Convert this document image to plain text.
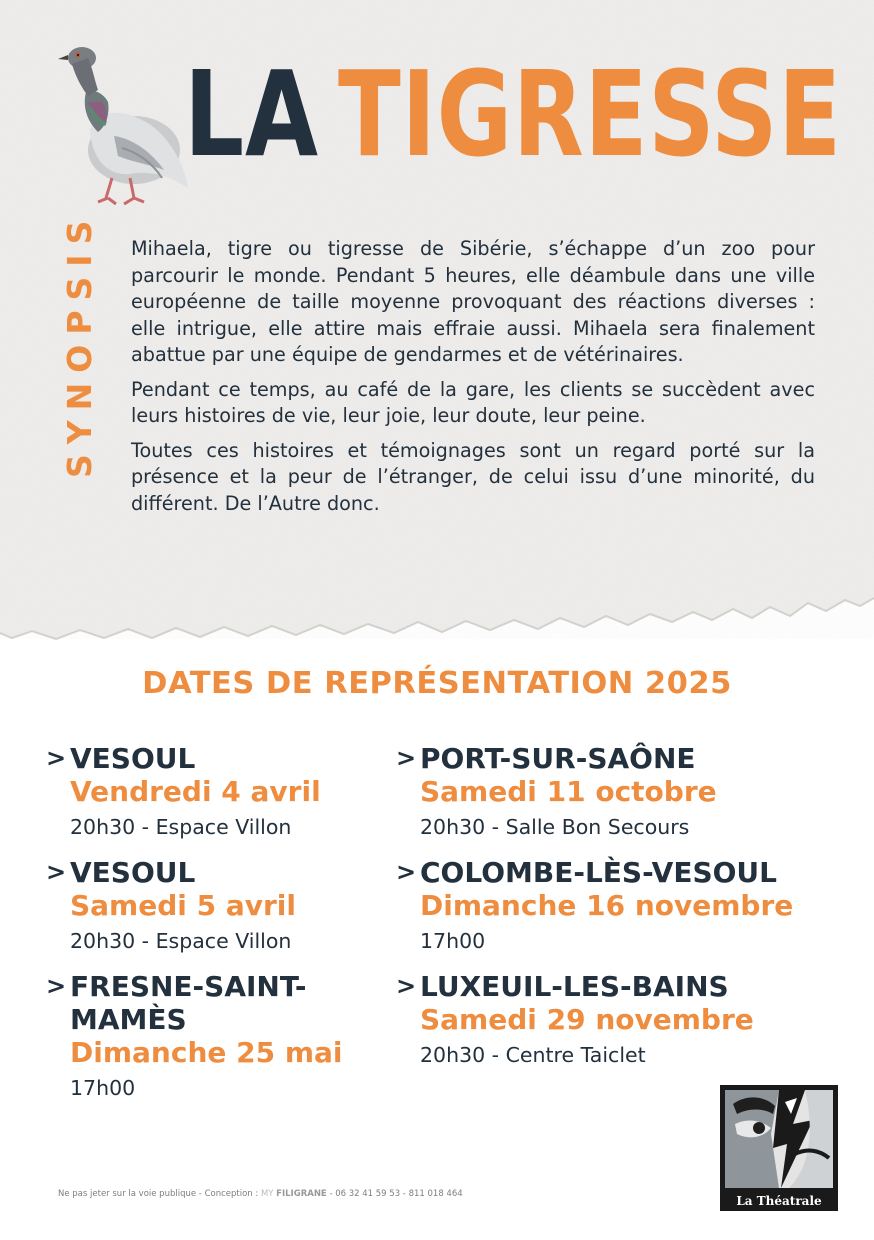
LA TIGRESSE
SYNOPSIS Mihaela, tigre ou tigresse de Sibérie, s’échappe d’un zoo pour parcourir le monde. Pendant 5 heures, elle déambule dans une ville européenne de taille moyenne provoquant des réactions diverses : elle intrigue, elle attire mais effraie aussi. Mihaela sera finalement abattue par une équipe de gendarmes et de vétérinaires.

Pendant ce temps, au café de la gare, les clients se succèdent avec leurs histoires de vie, leur joie, leur doute, leur peine.

Toutes ces histoires et témoignages sont un regard porté sur la présence et la peur de l’étranger, de celui issu d’une minorité, du différent. De l’Autre donc.

DATES DE REPRÉSENTATION 2025
> VESOUL
Vendredi 4 avril
20h30 - Espace Villon
> VESOUL
Samedi 5 avril
20h30 - Espace Villon
> FRESNE-SAINT-MAMÈS
Dimanche 25 mai
17h00
> PORT-SUR-SAÔNE
Samedi 11 octobre
20h30 - Salle Bon Secours
> COLOMBE-LÈS-VESOUL
Dimanche 16 novembre
17h00
> LUXEUIL-LES-BAINS
Samedi 29 novembre
20h30 - Centre Taiclet
Ne pas jeter sur la voie publique - Conception : MY FILIGRANE - 06 32 41 59 53 - 811 018 464	La Théatrale
